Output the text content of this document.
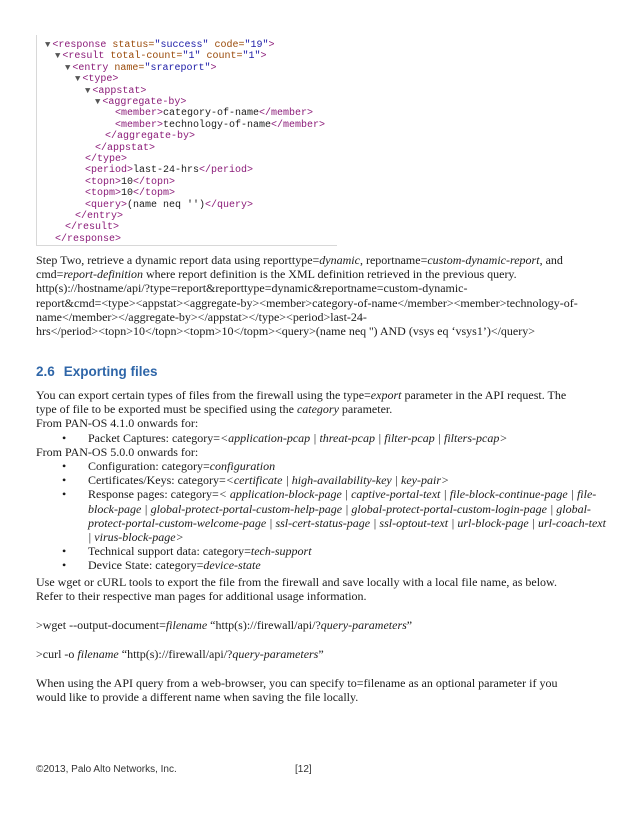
▼ <response status="success" code="19">
▼ <result total-count="1" count="1">
▼ <entry name="srareport">
▼ <type>
▼ <appstat>
▼ <aggregate-by>
<member>category-of-name</member>
<member>technology-of-name</member>
</aggregate-by>
</appstat>
</type>
<period>last-24-hrs</period>
<topn>10</topn>
<topm>10</topm>
<query>(name neq '')</query>
</entry>
</result>
</response>

Step Two, retrieve a dynamic report data using reporttype=dynamic, reportname=custom-dynamic-report, and
cmd=report-definition where report definition is the XML definition retrieved in the previous query.
http(s)://hostname/api/?type=report&reporttype=dynamic&reportname=custom-dynamic-
report&cmd=<type><appstat><aggregate-by><member>category-of-name</member><member>technology-of-
name</member></aggregate-by></appstat></type><period>last-24-
hrs</period><topn>10</topn><topm>10</topm><query>(name neq '') AND (vsys eq ‘vsys1’)</query>

2.6 Exporting files

You can export certain types of files from the firewall using the type=export parameter in the API request. The
type of file to be exported must be specified using the category parameter.
From PAN-OS 4.1.0 onwards for:

• Packet Captures: category=<application-pcap | threat-pcap | filter-pcap | filters-pcap>

From PAN-OS 5.0.0 onwards for:

• Configuration: category=configuration
• Certificates/Keys: category=<certificate | high-availability-key | key-pair>
• Response pages: category=< application-block-page | captive-portal-text | file-block-continue-page | file-
block-page | global-protect-portal-custom-help-page | global-protect-portal-custom-login-page | global-
protect-portal-custom-welcome-page | ssl-cert-status-page | ssl-optout-text | url-block-page | url-coach-text
| virus-block-page>
• Technical support data: category=tech-support
• Device State: category=device-state

Use wget or cURL tools to export the file from the firewall and save locally with a local file name, as below.
Refer to their respective man pages for additional usage information.

>wget --output-document=filename “http(s)://firewall/api/?query-parameters”

>curl -o filename “http(s)://firewall/api/?query-parameters”

When using the API query from a web-browser, you can specify to=filename as an optional parameter if you
would like to provide a different name when saving the file locally.

©2013, Palo Alto Networks, Inc.	[12]
